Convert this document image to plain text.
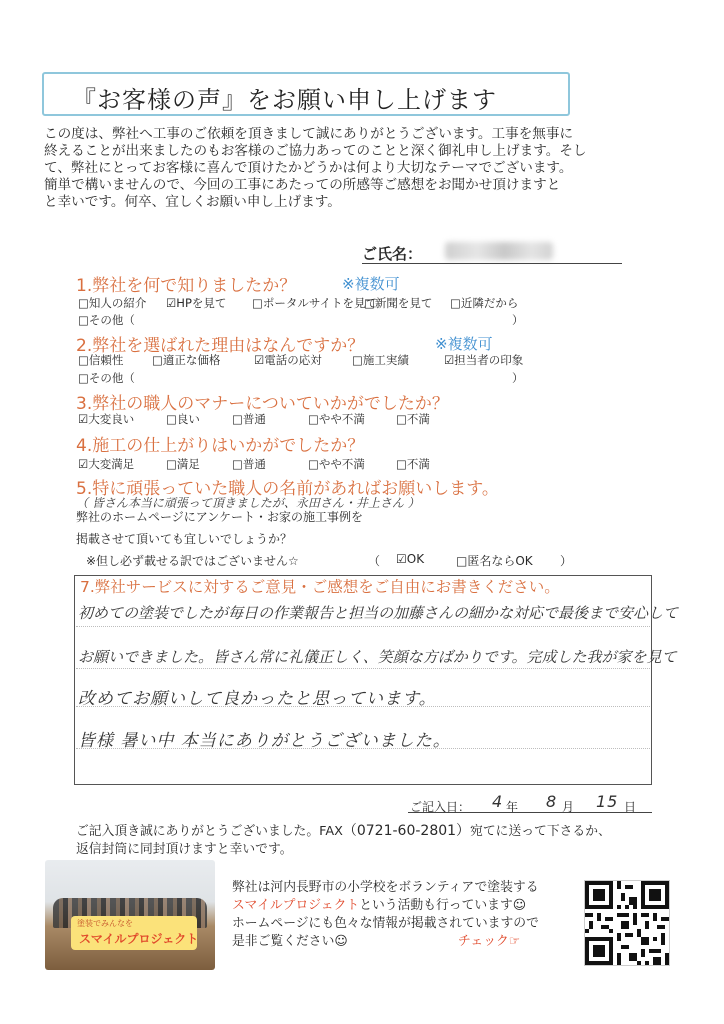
『お客様の声』をお願い申し上げます
この度は、弊社へ工事のご依頼を頂きまして誠にありがとうございます。工事を無事に
終えることが出来ましたのもお客様のご協力あってのことと深く御礼申し上げます。そし
て、弊社にとってお客様に喜んで頂けたかどうかは何より大切なテーマでございます。
簡単で構いませんので、今回の工事にあたっての所感等ご感想をお聞かせ頂けますと
と幸いです。何卒、宜しくお願い申し上げます。
ご氏名：
1.弊社を何で知りましたか？	※複数可
□知人の紹介 ☑HPを見て □ポータルサイトを見て
□新聞を見て □近隣だから
□その他（	）
2.弊社を選ばれた理由はなんですか？	※複数可
□信頼性 □適正な価格	☑電話の応対	□施工実績	☑担当者の印象
□その他（	）
3.弊社の職人のマナーについていかがでしたか？
☑大変良い	□良い	□普通	□やや不満	□不満
4.施工の仕上がりはいかがでしたか？
☑大変満足	□満足	□普通	□やや不満	□不満
5.特に頑張っていた職人の名前があればお願いします。
（ 皆さん本当に頑張って頂きましたが、永田さん・井上さん ）
弊社のホームページにアンケート・お家の施工事例を
掲載させて頂いても宜しいでしょうか？
※但し必ず載せる訳ではございません☆	（ ☑OK	□匿名ならOK ）
7.弊社サービスに対するご意見・ご感想をご自由にお書きください。
初めての塗装でしたが毎日の作業報告と担当の加藤さんの細かな対応で最後まで安心して
お願いできました。皆さん常に礼儀正しく、笑顔な方ばかりです。完成した我が家を見て
改めてお願いして良かったと思っています。
皆様 暑い中 本当にありがとうございました。
ご記入日： 4 年 8 月 15 日
ご記入頂き誠にありがとうございました。FAX（0721-60-2801）宛てに送って下さるか、
返信封筒に同封頂けますと幸いです。
塗装でみんなを
スマイルプロジェクト
弊社は河内長野市の小学校をボランティアで塗装する
スマイルプロジェクトという活動も行っています☺
ホームページにも色々な情報が掲載されていますので
是非ご覧ください☺	チェック☞
